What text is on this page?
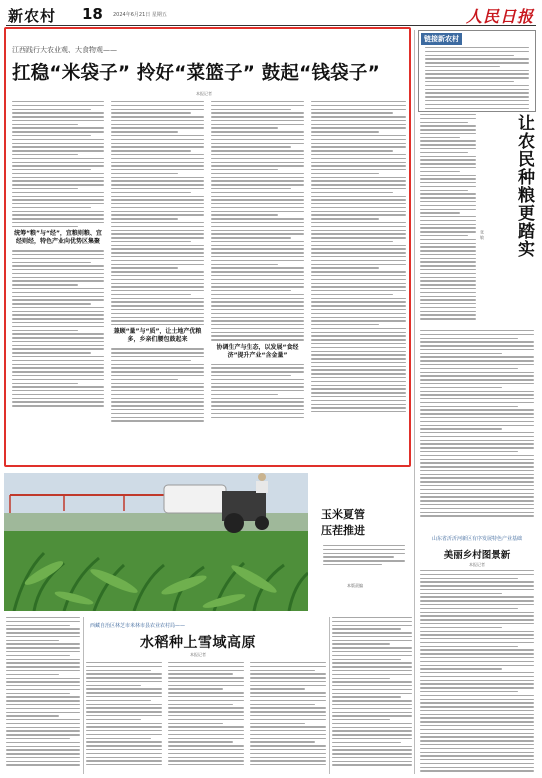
新农村 18 2024年6月21日 星期五	人民日报
江西践行大农业观、大食物观——
扛稳“米袋子” 拎好“菜篮子” 鼓起“钱袋子”
本报记者
统筹“粮”与“经”，宜粮则粮、宜经则经，特色产业向优势区集聚
兼顾“量”与“质”，让土地产优粮多，乡亲们腰包鼓起来
协调生产与生态，以发展“食经济”提升产业“含金量”
链接新农村
让农民种粮更踏实
张 敏
玉米夏管
压茬推进
本版责编
山东省沂沂河新区有序发展特色产业基础
美丽乡村图景新
本报记者
西藏自治区林芝市米林市县农业农村局——
水稻种上雪域高原
本报记者
